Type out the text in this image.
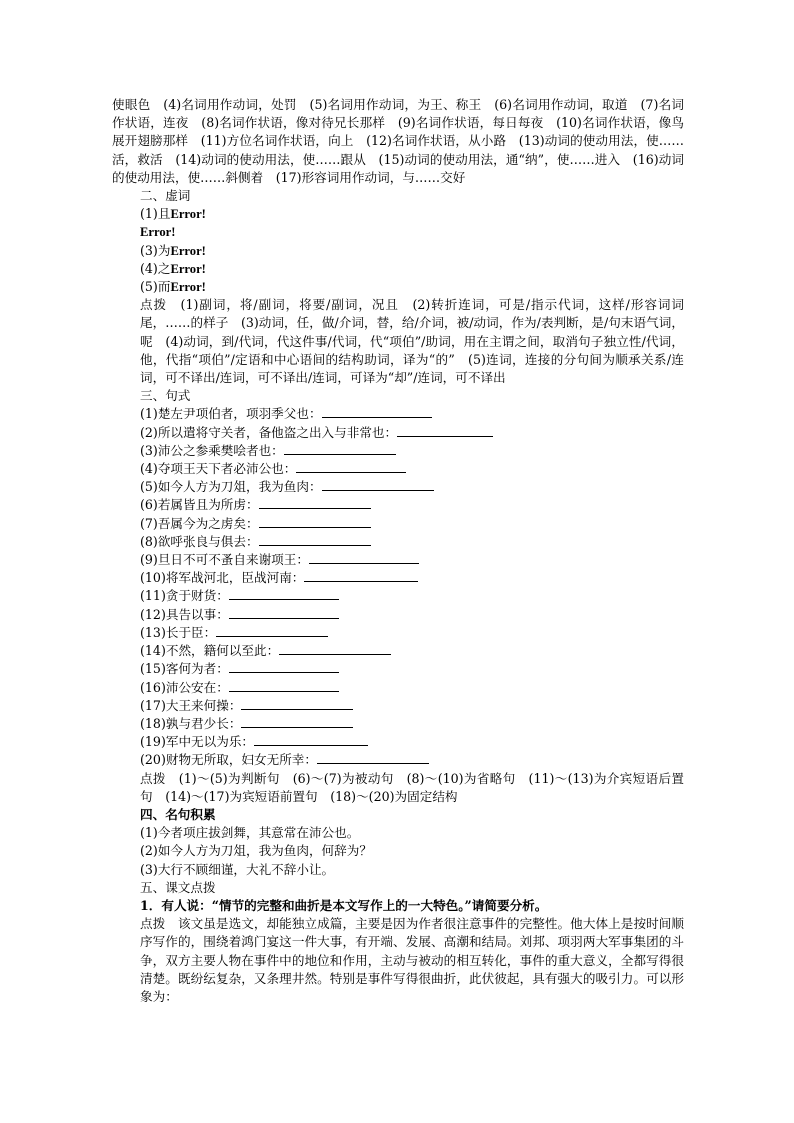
使眼色　(4)名词用作动词，处罚　(5)名词用作动词，为王、称王　(6)名词用作动词，取道　(7)名词作状语，连夜　(8)名词作状语，像对待兄长那样　(9)名词作状语，每日每夜　(10)名词作状语，像鸟展开翅膀那样　(11)方位名词作状语，向上　(12)名词作状语，从小路　(13)动词的使动用法，使……活，救活　(14)动词的使动用法，使……跟从　(15)动词的使动用法，通“纳”，使……进入　(16)动词的使动用法，使……斜侧着　(17)形容词用作动词，与……交好

二、虚词

(1)且Error!

Error!

(3)为Error!

(4)之Error!

(5)而Error!

点拨　(1)副词，将/副词，将要/副词，况且　(2)转折连词，可是/指示代词，这样/形容词词尾，……的样子　(3)动词，任，做/介词，替，给/介词，被/动词，作为/表判断，是/句末语气词，呢　(4)动词，到/代词，代这件事/代词，代“项伯”/助词，用在主谓之间，取消句子独立性/代词，他，代指“项伯”/定语和中心语间的结构助词，译为“的”　(5)连词，连接的分句间为顺承关系/连词，可不译出/连词，可不译出/连词，可译为“却”/连词，可不译出

三、句式

(1)楚左尹项伯者，项羽季父也：

(2)所以遣将守关者，备他盗之出入与非常也：

(3)沛公之参乘樊哙者也：

(4)夺项王天下者必沛公也：

(5)如今人方为刀俎，我为鱼肉：

(6)若属皆且为所虏：

(7)吾属今为之虏矣：

(8)欲呼张良与俱去：

(9)旦日不可不蚤自来谢项王：

(10)将军战河北，臣战河南：

(11)贪于财货：

(12)具告以事：

(13)长于臣：

(14)不然，籍何以至此：

(15)客何为者：

(16)沛公安在：

(17)大王来何操：

(18)孰与君少长：

(19)军中无以为乐：

(20)财物无所取，妇女无所幸：

点拨　(1)～(5)为判断句　(6)～(7)为被动句　(8)～(10)为省略句　(11)～(13)为介宾短语后置句　(14)～(17)为宾短语前置句　(18)～(20)为固定结构

四、名句积累

(1)今者项庄拔剑舞，其意常在沛公也。

(2)如今人方为刀俎，我为鱼肉，何辞为？

(3)大行不顾细谨，大礼不辞小让。

五、课文点拨

1．有人说：“情节的完整和曲折是本文写作上的一大特色。”请简要分析。

点拨　该文虽是选文，却能独立成篇，主要是因为作者很注意事件的完整性。他大体上是按时间顺序写作的，围绕着鸿门宴这一件大事，有开端、发展、高潮和结局。刘邦、项羽两大军事集团的斗争，双方主要人物在事件中的地位和作用，主动与被动的相互转化，事件的重大意义，全都写得很清楚。既纷纭复杂，又条理井然。特别是事件写得很曲折，此伏彼起，具有强大的吸引力。可以形象为：
